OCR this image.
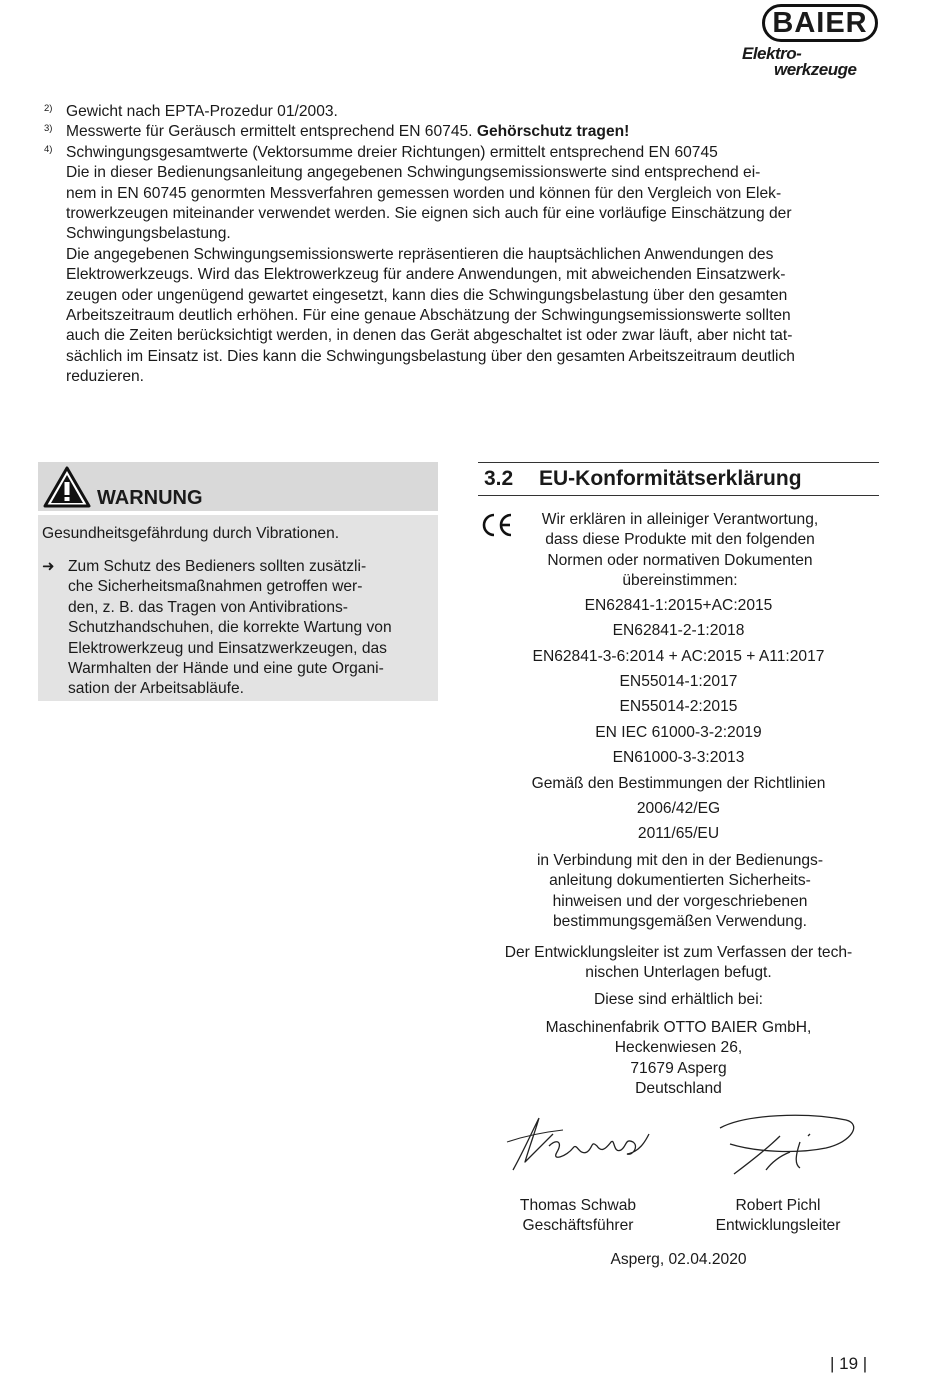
BAIER
Elektro-
werkzeuge
2) Gewicht nach EPTA-Prozedur 01/2003.
3) Messwerte für Geräusch ermittelt entsprechend EN 60745. Gehörschutz tragen!
4) Schwingungsgesamtwerte (Vektorsumme dreier Richtungen) ermittelt entsprechend EN 60745
Die in dieser Bedienungsanleitung angegebenen Schwingungsemissionswerte sind entsprechend ei-
nem in EN 60745 genormten Messverfahren gemessen worden und können für den Vergleich von Elek-
trowerkzeugen miteinander verwendet werden. Sie eignen sich auch für eine vorläufige Einschätzung der
Schwingungsbelastung.
Die angegebenen Schwingungsemissionswerte repräsentieren die hauptsächlichen Anwendungen des
Elektrowerkzeugs. Wird das Elektrowerkzeug für andere Anwendungen, mit abweichenden Einsatzwerk-
zeugen oder ungenügend gewartet eingesetzt, kann dies die Schwingungsbelastung über den gesamten
Arbeitszeitraum deutlich erhöhen. Für eine genaue Abschätzung der Schwingungsemissionswerte sollten
auch die Zeiten berücksichtigt werden, in denen das Gerät abgeschaltet ist oder zwar läuft, aber nicht tat-
sächlich im Einsatz ist. Dies kann die Schwingungsbelastung über den gesamten Arbeitszeitraum deutlich
reduzieren.
WARNUNG
Gesundheitsgefährdung durch Vibrationen.
➜ Zum Schutz des Bedieners sollten zusätzli-
che Sicherheitsmaßnahmen getroffen wer-
den, z. B. das Tragen von Antivibrations-
Schutzhandschuhen, die korrekte Wartung von
Elektrowerkzeug und Einsatzwerkzeugen, das
Warmhalten der Hände und eine gute Organi-
sation der Arbeitsabläufe.
3.2 EU-Konformitätserklärung
Wir erklären in alleiniger Verantwortung,
dass diese Produkte mit den folgenden
Normen oder normativen Dokumenten
übereinstimmen:
EN62841-1:2015+AC:2015
EN62841-2-1:2018
EN62841-3-6:2014 + AC:2015 + A11:2017
EN55014-1:2017
EN55014-2:2015
EN IEC 61000-3-2:2019
EN61000-3-3:2013
Gemäß den Bestimmungen der Richtlinien
2006/42/EG
2011/65/EU
in Verbindung mit den in der Bedienungs-
anleitung dokumentierten Sicherheits-
hinweisen und der vorgeschriebenen
bestimmungsgemäßen Verwendung.
Der Entwicklungsleiter ist zum Verfassen der tech-
nischen Unterlagen befugt.
Diese sind erhältlich bei:
Maschinenfabrik OTTO BAIER GmbH,
Heckenwiesen 26,
71679 Asperg
Deutschland
Thomas Schwab
Geschäftsführer
Robert Pichl
Entwicklungsleiter
Asperg, 02.04.2020
| 19 |
